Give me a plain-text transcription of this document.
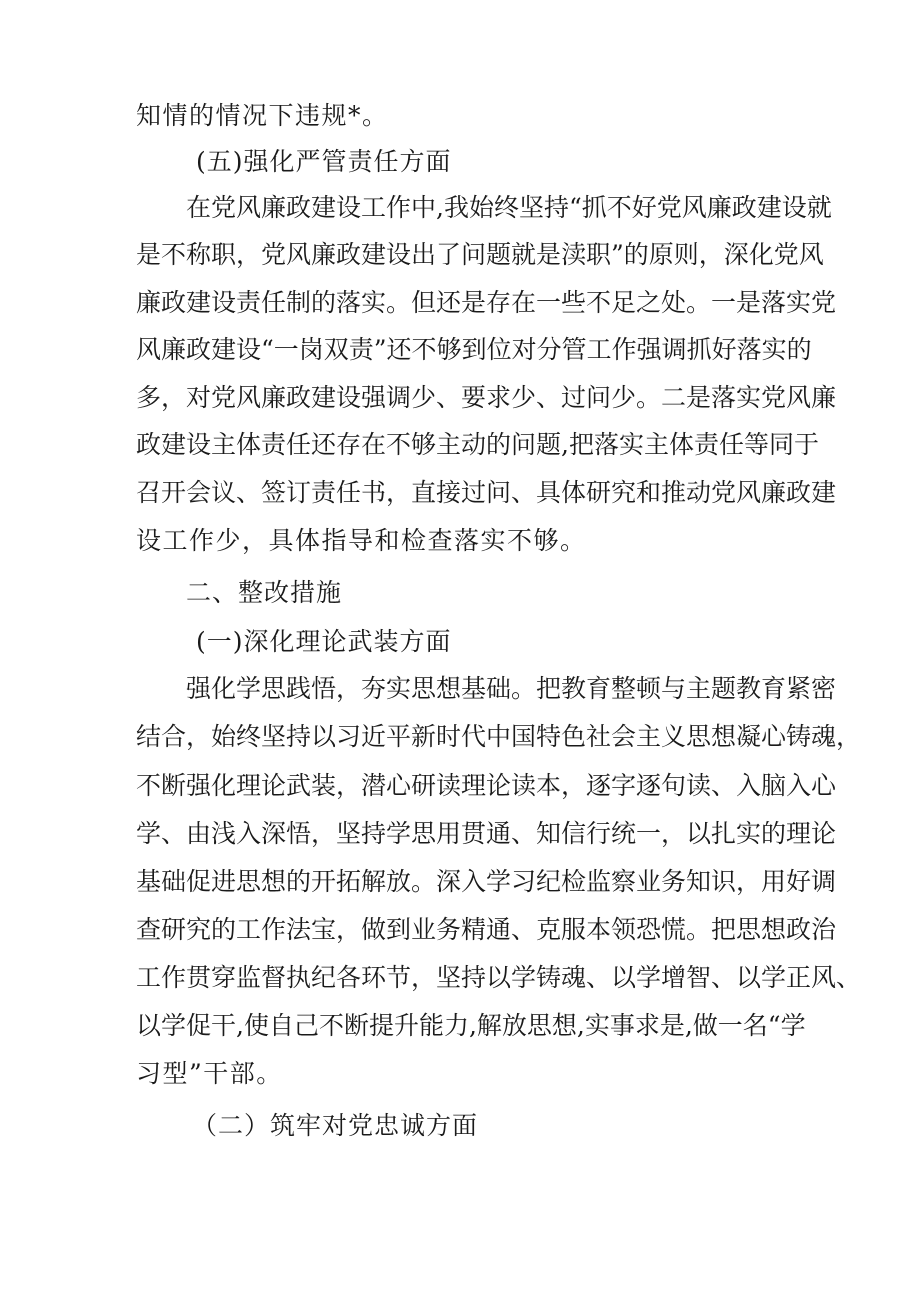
知情的情况下违规*。
(五)强化严管责任方面
在党风廉政建设工作中,我始终坚持“抓不好党风廉政建设就
是不称职，党风廉政建设出了问题就是渎职”的原则，深化党风
廉政建设责任制的落实。但还是存在一些不足之处。一是落实党
风廉政建设“一岗双责”还不够到位对分管工作强调抓好落实的
多，对党风廉政建设强调少、要求少、过问少。二是落实党风廉
政建设主体责任还存在不够主动的问题,把落实主体责任等同于
召开会议、签订责任书，直接过问、具体研究和推动党风廉政建
设工作少，具体指导和检查落实不够。
二、整改措施
(一)深化理论武装方面
强化学思践悟，夯实思想基础。把教育整顿与主题教育紧密
结合，始终坚持以习近平新时代中国特色社会主义思想凝心铸魂，
不断强化理论武装，潜心研读理论读本，逐字逐句读、入脑入心
学、由浅入深悟，坚持学思用贯通、知信行统一，以扎实的理论
基础促进思想的开拓解放。深入学习纪检监察业务知识，用好调
查研究的工作法宝，做到业务精通、克服本领恐慌。把思想政治
工作贯穿监督执纪各环节，坚持以学铸魂、以学增智、以学正风、
以学促干,使自己不断提升能力,解放思想,实事求是,做一名“学
习型”干部。
（二）筑牢对党忠诚方面
